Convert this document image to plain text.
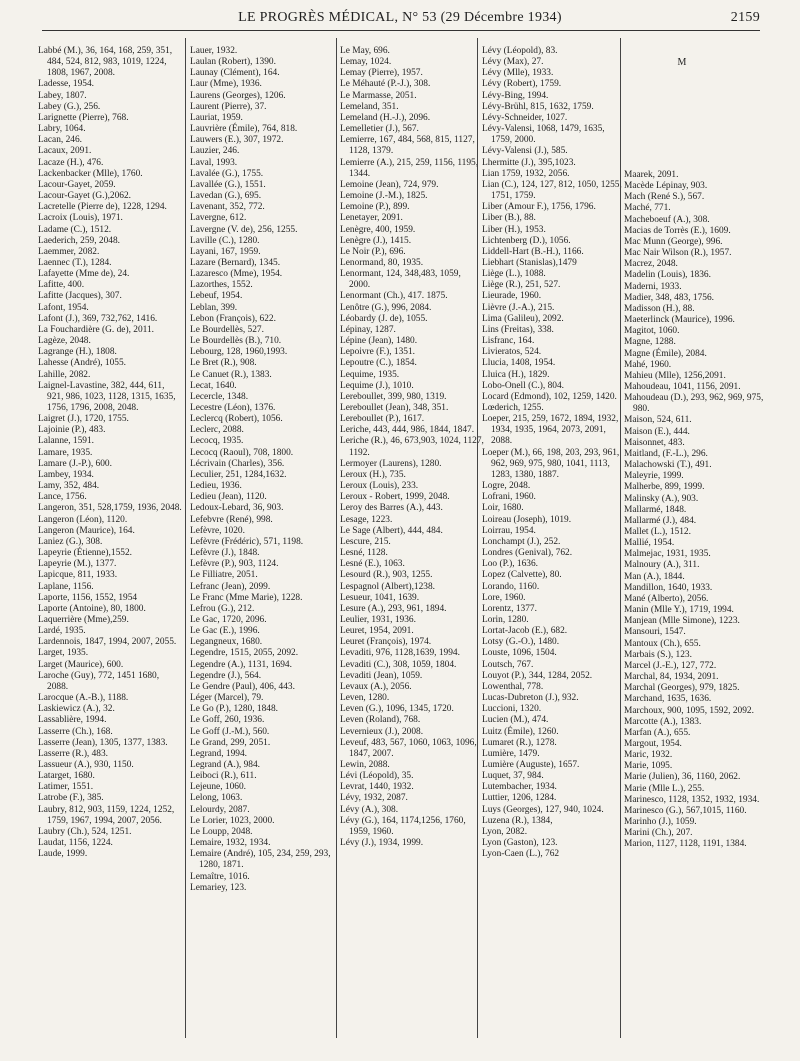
LE PROGRÈS MÉDICAL, N° 53 (29 Décembre 1934)	2159

Labbé (M.), 36, 164, 168, 259, 351, 484, 524, 812, 983, 1019, 1224, 1808, 1967, 2008.

Ladesse, 1954.

Labey, 1807.

Labey (G.), 256.

Larignette (Pierre), 768.

Labry, 1064.

Lacan, 246.

Lacaux, 2091.

Lacaze (H.), 476.

Lackenbacker (Mlle), 1760.

Lacour-Gayet, 2059.

Lacour-Gayet (G.),2062.

Lacretelle (Pierre de), 1228, 1294.

Lacroix (Louis), 1971.

Ladame (C.), 1512.

Laederich, 259, 2048.

Laemmer, 2082.

Laennec (T.), 1284.

Lafayette (Mme de), 24.

Lafitte, 400.

Lafitte (Jacques), 307.

Lafont, 1954.

Lafont (J.), 369, 732,762, 1416.

La Fouchardière (G. de), 2011.

Lagèze, 2048.

Lagrange (H.), 1808.

Lahesse (André), 1055.

Lahille, 2082.

Laignel-Lavastine, 382, 444, 611, 921, 986, 1023, 1128, 1315, 1635, 1756, 1796, 2008, 2048.

Laigret (J.), 1720, 1755.

Lajoinie (P.), 483.

Lalanne, 1591.

Lamare, 1935.

Lamare (J.-P.), 600.

Lambey, 1934.

Lamy, 352, 484.

Lance, 1756.

Langeron, 351, 528,1759, 1936, 2048.

Langeron (Léon), 1120.

Langeron (Maurice), 164.

Laniez (G.), 308.

Lapeyrie (Étienne),1552.

Lapeyrie (M.), 1377.

Lapicque, 811, 1933.

Laplane, 1156.

Laporte, 1156, 1552, 1954

Laporte (Antoine), 80, 1800.

Laquerrière (Mme),259.

Lardé, 1935.

Lardennois, 1847, 1994, 2007, 2055.

Larget, 1935.

Larget (Maurice), 600.

Laroche (Guy), 772, 1451 1680, 2088.

Larocque (A.-B.), 1188.

Laskiewicz (A.), 32.

Lassablière, 1994.

Lasserre (Ch.), 168.

Lasserre (Jean), 1305, 1377, 1383.

Lasserre (R.), 483.

Lassueur (A.), 930, 1150.

Latarget, 1680.

Latimer, 1551.

Latrobe (F.), 385.

Laubry, 812, 903, 1159, 1224, 1252, 1759, 1967, 1994, 2007, 2056.

Laubry (Ch.), 524, 1251.

Laudat, 1156, 1224.

Laude, 1999.

Lauer, 1932.

Laulan (Robert), 1390.

Launay (Clément), 164.

Laur (Mme), 1936.

Laurens (Georges), 1206.

Laurent (Pierre), 37.

Lauriat, 1959.

Lauvrière (Émile), 764, 818.

Lauwers (E.), 307, 1972.

Lauzier, 246.

Laval, 1993.

Lavalée (G.), 1755.

Lavallée (G.), 1551.

Lavedan (G.), 695.

Lavenant, 352, 772.

Lavergne, 612.

Lavergne (V. de), 256, 1255.

Laville (C.), 1280.

Layani, 167, 1959.

Lazare (Bernard), 1345.

Lazaresco (Mme), 1954.

Lazorthes, 1552.

Lebeuf, 1954.

Leblan, 399.

Lebon (François), 622.

Le Bourdellès, 527.

Le Bourdellès (B.), 710.

Lebourg, 128, 1960,1993.

Le Bret (R.), 908.

Le Canuet (R.), 1383.

Lecat, 1640.

Lecercle, 1348.

Lecestre (Léon), 1376.

Leclercq (Robert), 1056.

Leclerc, 2088.

Lecocq, 1935.

Lecocq (Raoul), 708, 1800.

Lécrivain (Charles), 356.

Leculier, 251, 1284,1632.

Ledieu, 1936.

Ledieu (Jean), 1120.

Ledoux-Lebard, 36, 903.

Lefebvre (René), 998.

Lefèvre, 1020.

Lefèvre (Frédéric), 571, 1198.

Lefèvre (J.), 1848.

Lefèvre (P.), 903, 1124.

Le Filliatre, 2051.

Lefranc (Jean), 2099.

Le Franc (Mme Marie), 1228.

Lefrou (G.), 212.

Le Gac, 1720, 2096.

Le Gac (E.), 1996.

Legangneux, 1680.

Legendre, 1515, 2055, 2092.

Legendre (A.), 1131, 1694.

Legendre (J.), 564.

Le Gendre (Paul), 406, 443.

Léger (Marcel), 79.

Le Go (P.), 1280, 1848.

Le Goff, 260, 1936.

Le Goff (J.-M.), 560.

Le Grand, 299, 2051.

Legrand, 1994.

Legrand (A.), 984.

Leiboci (R.), 611.

Lejeune, 1060.

Lelong, 1063.

Lelourdy, 2087.

Le Lorier, 1023, 2000.

Le Loupp, 2048.

Lemaire, 1932, 1934.

Lemaire (André), 105, 234, 259, 293, 1280, 1871.

Lemaître, 1016.

Lemariey, 123.

Le May, 696.

Lemay, 1024.

Lemay (Pierre), 1957.

Le Méhauté (P.-J.), 308.

Le Marmasse, 2051.

Lemeland, 351.

Lemeland (H.-J.), 2096.

Lemelletier (J.), 567.

Lemierre, 167, 484, 568, 815, 1127, 1128, 1379.

Lemierre (A.), 215, 259, 1156, 1195, 1344.

Lemoine (Jean), 724, 979.

Lemoine (J.-M.), 1825.

Lemoine (P.), 899.

Lenetayer, 2091.

Lenègre, 400, 1959.

Lenègre (J.), 1415.

Le Noir (P.), 696.

Lenormand, 80, 1935.

Lenormant, 124, 348,483, 1059, 2000.

Lenormant (Ch.), 417. 1875.

Lenôtre (G.), 996, 2084.

Léobardy (J. de), 1055.

Lépinay, 1287.

Lépine (Jean), 1480.

Lepoivre (F.), 1351.

Lepoutre (C.), 1854.

Lequime, 1935.

Lequime (J.), 1010.

Lereboullet, 399, 980, 1319.

Lereboullet (Jean), 348, 351.

Lereboullet (P.), 1617.

Leriche, 443, 444, 986, 1844, 1847.

Leriche (R.), 46, 673,903, 1024, 1127, 1192.

Lermoyer (Laurens), 1280.

Leroux (H.), 735.

Leroux (Louis), 233.

Leroux - Robert, 1999, 2048.

Leroy des Barres (A.), 443.

Lesage, 1223.

Le Sage (Albert), 444, 484.

Lescure, 215.

Lesné, 1128.

Lesné (E.), 1063.

Lesourd (R.), 903, 1255.

Lespagnol (Albert),1238.

Lesueur, 1041, 1639.

Lesure (A.), 293, 961, 1894.

Leulier, 1931, 1936.

Leuret, 1954, 2091.

Leuret (François), 1974.

Levaditi, 976, 1128,1639, 1994.

Levaditi (C.), 308, 1059, 1804.

Levaditi (Jean), 1059.

Levaux (A.), 2056.

Leven, 1280.

Leven (G.), 1096, 1345, 1720.

Leven (Roland), 768.

Levernieux (J.), 2008.

Leveuf, 483, 567, 1060, 1063, 1096, 1847, 2007.

Lewin, 2088.

Lévi (Léopold), 35.

Levrat, 1440, 1932.

Lévy, 1932, 2087.

Lévy (A.), 308.

Lévy (G.), 164, 1174,1256, 1760, 1959, 1960.

Lévy (J.), 1934, 1999.

Lévy (Léopold), 83.

Lévy (Max), 27.

Lévy (Mlle), 1933.

Lévy (Robert), 1759.

Lévy-Bing, 1994.

Lévy-Brühl, 815, 1632, 1759.

Lévy-Schneider, 1027.

Lévy-Valensi, 1068, 1479, 1635, 1759, 2000.

Lévy-Valensi (J.), 585.

Lhermitte (J.), 395,1023.

Lian 1759, 1932, 2056.

Lian (C.), 124, 127, 812, 1050, 1255, 1751, 1759.

Liber (Amour F.), 1756, 1796.

Liber (B.), 88.

Liber (H.), 1953.

Lichtenberg (D.), 1056.

Liddell-Hart (B.-H.), 1166.

Liebhart (Stanislas),1479

Liège (L.), 1088.

Liège (R.), 251, 527.

Lieurade, 1960.

Lièvre (J.-A.), 215.

Lima (Galileu), 2092.

Lins (Freitas), 338.

Lisfranc, 164.

Livieratos, 524.

Llucia, 1408, 1954.

Lluica (H.), 1829.

Lobo-Onell (C.), 804.

Locard (Edmond), 102, 1259, 1420.

Lœderich, 1255.

Loeper, 215, 259, 1672, 1894, 1932, 1934, 1935, 1964, 2073, 2091, 2088.

Loeper (M.), 66, 198, 203, 293, 961, 962, 969, 975, 980, 1041, 1113, 1283, 1380, 1887.

Logre, 2048.

Lofrani, 1960.

Loir, 1680.

Loireau (Joseph), 1019.

Loirrau, 1954.

Lonchampt (J.), 252.

Londres (Genival), 762.

Loo (P.), 1636.

Lopez (Calvette), 80.

Lorando, 1160.

Lore, 1960.

Lorentz, 1377.

Lorin, 1280.

Lortat-Jacob (E.), 682.

Lotsy (G.-O.), 1480.

Louste, 1096, 1504.

Loutsch, 767.

Louyot (P.), 344, 1284, 2052.

Lowenthal, 778.

Lucas-Dubreton (J.), 932.

Luccioni, 1320.

Lucien (M.), 474.

Luitz (Émile), 1260.

Lumaret (R.), 1278.

Lumière, 1479.

Lumière (Auguste), 1657.

Luquet, 37, 984.

Lutembacher, 1934.

Luttier, 1206, 1284.

Luys (Georges), 127, 940, 1024.

Luzena (R.), 1384,

Lyon, 2082.

Lyon (Gaston), 123.

Lyon-Caen (L.), 762

Maarek, 2091.

Macède Lépinay, 903.

Mach (René S.), 567.

Maché, 771.

Macheboeuf (A.), 308.

Macias de Torrès (E.), 1609.

Mac Munn (George), 996.

Mac Nair Wilson (R.), 1957.

Macrez, 2048.

Madelin (Louis), 1836.

Maderni, 1933.

Madier, 348, 483, 1756.

Madisson (H.), 88.

Maeterlinck (Maurice), 1996.

Magitot, 1060.

Magne, 1288.

Magne (Émile), 2084.

Mahé, 1960.

Mahieu (Mlle), 1256,2091.

Mahoudeau, 1041, 1156, 2091.

Mahoudeau (D.), 293, 962, 969, 975, 980.

Maison, 524, 611.

Maison (E.), 444.

Maisonnet, 483.

Maitland, (F.-L.), 296.

Malachowski (T.), 491.

Maleyrie, 1999.

Malherbe, 899, 1999.

Malinsky (A.), 903.

Mallarmé, 1848.

Mallarmé (J.), 484.

Mallet (L.), 1512.

Mallié, 1954.

Malmejac, 1931, 1935.

Malnoury (A.), 311.

Man (A.), 1844.

Mandillon, 1640, 1933.

Mané (Alberto), 2056.

Manin (Mlle Y.), 1719, 1994.

Manjean (Mlle Simone), 1223.

Mansouri, 1547.

Mantoux (Ch.), 655.

Marbais (S.), 123.

Marcel (J.-E.), 127, 772.

Marchal, 84, 1934, 2091.

Marchal (Georges), 979, 1825.

Marchand, 1635, 1636.

Marchoux, 900, 1095, 1592, 2092.

Marcotte (A.), 1383.

Marfan (A.), 655.

Margout, 1954.

Maric, 1932.

Marie, 1095.

Marie (Julien), 36, 1160, 2062.

Marie (Mlle L.), 255.

Marinesco, 1128, 1352, 1932, 1934.

Marinesco (G.), 567,1015, 1160.

Marinho (J.), 1059.

Marini (Ch.), 207.

Marion, 1127, 1128, 1191, 1384.

M
